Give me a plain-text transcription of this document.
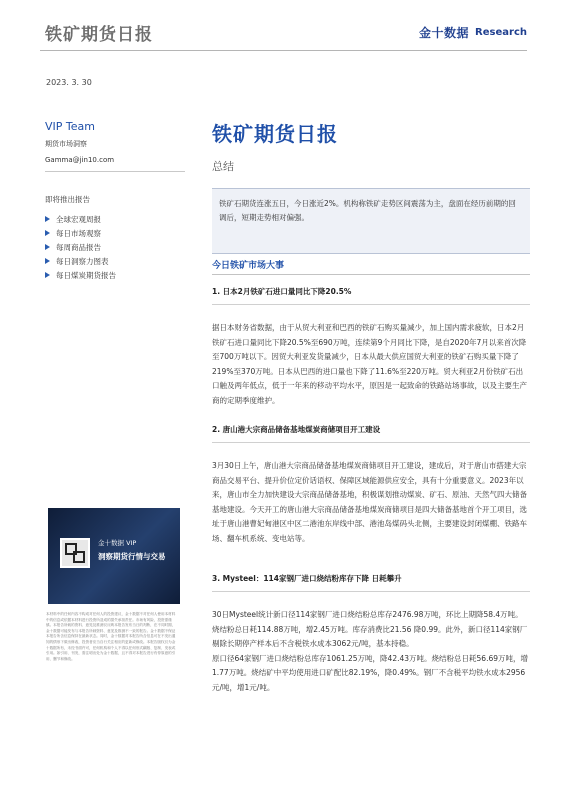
铁矿期货日报	金十数据 Research
2023. 3. 30
VIP Team
期货市场洞察
Gamma@jin10.com
即将推出报告
全球宏观周报
每日市场观察
每周商品报告
每日洞察力图表
每日煤炭期货报告
金十数据 VIP
洞察期货行情与交易
本材料中的任何内容不构成对任何人的投资建议，金十数据不对任何人使用本材料中的信息或依据本材料进行投资所造成的损失承担责任。市场有风险，投资需谨慎。本报告所载的资料、意见及推测仅反映本报告发布当日的判断，在不同时期，金十数据可能发布与本报告所载资料、意见及推测不一致的报告。金十数据不保证本报告所含信息保持在最新状态。同时，金十数据对本报告所含信息可在不发出通知的情形下做出修改，投资者应当自行关注相应的更新或修改。本报告版权仅为金十数据所有，未经书面许可，任何机构和个人不得以任何形式翻版、复制、发表或引用。如引用、刊发，需注明出处为金十数据，且不得对本报告进行有悖原意的引用、删节和修改。
铁矿期货日报
总结
铁矿石期货连涨五日，今日涨近2%。机构称铁矿走势区间震荡为主，盘面在经历前期的回调后，短期走势相对偏强。
今日铁矿市场大事
1. 日本2月铁矿石进口量同比下降20.5%
据日本财务省数据，由于从贸大利亚和巴西的铁矿石购买量减少，加上国内需求疲软，日本2月铁矿石进口量同比下降20.5%至690万吨，连续第9个月同比下降，是自2020年7月以来首次降至700万吨以下。因贸大利亚发货量减少，日本从最大供应国贸大利亚的铁矿石购买量下降了219%至370万吨。日本从巴西的进口量也下降了11.6%至220万吨。贸大利亚2月份铁矿石出口触及两年低点，低于一年来的移动平均水平，原因是一起致命的铁路站场事故，以及主要生产商的定期季度维护。
2. 唐山港大宗商品储备基地煤炭商储项目开工建设
3月30日上午，唐山港大宗商品储备基地煤炭商储项目开工建设，建成后，对于唐山市搭建大宗商品交易平台、提升价位定价话语权、保障区域能源供应安全，具有十分重要意义。2023年以来，唐山市全力加快建设大宗商品储备基地，积极谋划推动煤炭、矿石、原油、天然气四大储备基地建设。今天开工的唐山港大宗商品储备基地煤炭商储项目是四大储备基地首个开工项目，选址于唐山港曹妃甸港区中区二港池东岸线中部、港池岛煤码头北侧，主要建设封闭煤棚、铁路车场、翻车机系统、变电站等。
3. Mysteel：114家钢厂进口烧结粉库存下降 日耗攀升
30日Mysteel统计新口径114家钢厂进口烧结粉总库存2476.98万吨，环比上期降58.4万吨。烧结粉总日耗114.88万吨，增2.45万吨。库存消费比21.56 降0.99。此外，新口径114家钢厂剔除长期停产样本后不含税铁水成本3062元/吨，基本持稳。
原口径64家钢厂进口烧结粉总库存1061.25万吨，降42.43万吨。烧结粉总日耗56.69万吨，增1.77万吨。烧结矿中平均使用进口矿配比82.19%，降0.49%。钢厂不含税平均铁水成本2956元/吨，增1元/吨。
